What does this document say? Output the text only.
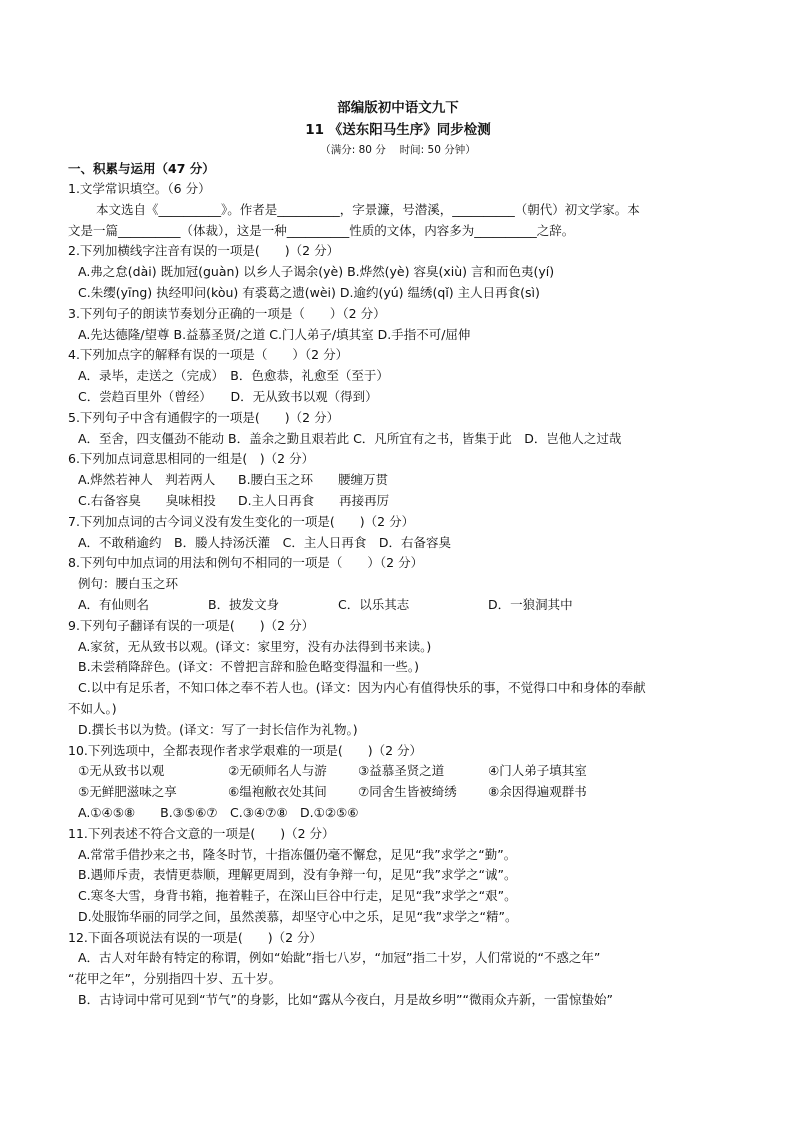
部编版初中语文九下
11 《送东阳马生序》同步检测
（满分: 80 分　 时间: 50 分钟）
一、积累与运用（47 分）
1.文学常识填空。（6 分）
本文选自《__________》。作者是__________，字景濂，号潜溪，__________（朝代）初文学家。本
文是一篇__________（体裁），这是一种__________性质的文体，内容多为__________之辞。
2.下列加横线字注音有误的一项是(　　)（2 分）
A.弗之怠(dài) 既加冠(guàn) 以乡人子谒余(yè) B.烨然(yè) 容臭(xiù) 言和而色夷(yí)
C.朱缨(yīng) 执经叩问(kòu) 有裘葛之遗(wèi) D.逾约(yú) 缊绣(qǐ) 主人日再食(sì)
3.下列句子的朗读节奏划分正确的一项是（　　）（2 分）
A.先达德隆/望尊 B.益慕圣贤/之道 C.门人弟子/填其室 D.手指不可/屈伸
4.下列加点字的解释有误的一项是（　　）（2 分）
A．录毕，走送之（完成）　B．色愈恭，礼愈至（至于）
C．尝趋百里外（曾经）　　D．无从致书以观（得到）
5.下列句子中含有通假字的一项是(　　)（2 分）
A．至舍，四支僵劲不能动 B．盖余之勤且艰若此 C．凡所宜有之书，皆集于此　D．岂他人之过哉
6.下列加点词意思相同的一组是(　)（2 分）
A.烨然若神人　判若两人	B.腰白玉之环　　腰缠万贯
C.右备容臭　　臭味相投	D.主人日再食　　再接再厉
7.下列加点词的古今词义没有发生变化的一项是(　　)（2 分）
A．不敢稍逾约　B．媵人持汤沃灌　C．主人日再食　D．右备容臭
8.下列句中加点词的用法和例句不相同的一项是（　　）（2 分）
例句：腰白玉之环
A．有仙则名	B．披发文身	C．以乐其志	D．一狼洞其中
9.下列句子翻译有误的一项是(　　)（2 分）
A.家贫，无从致书以观。(译文：家里穷，没有办法得到书来读。)
B.未尝稍降辞色。(译文：不曾把言辞和脸色略变得温和一些。)
C.以中有足乐者，不知口体之奉不若人也。(译文：因为内心有值得快乐的事，不觉得口中和身体的奉献
不如人。)
D.撰长书以为贽。(译文：写了一封长信作为礼物。)
10.下列选项中，全都表现作者求学艰难的一项是(　　)（2 分）
①无从致书以观	②无硕师名人与游	③益慕圣贤之道	④门人弟子填其室
⑤无鲜肥滋味之享	⑥缊袍敝衣处其间	⑦同舍生皆被绮绣	⑧余因得遍观群书
A.①④⑤⑧　　B.③⑤⑥⑦　C.③④⑦⑧　D.①②⑤⑥
11.下列表述不符合文意的一项是(　　)（2 分）
A.常常手借抄来之书，隆冬时节，十指冻僵仍毫不懈怠，足见“我”求学之“勤”。
B.遇师斥责，表情更恭顺，理解更周到，没有争辩一句，足见“我”求学之“诚”。
C.寒冬大雪，身背书箱，拖着鞋子，在深山巨谷中行走，足见“我”求学之“艰”。
D.处服饰华丽的同学之间，虽然羡慕，却坚守心中之乐，足见“我”求学之“精”。
12.下面各项说法有误的一项是(　　)（2 分）
A．古人对年龄有特定的称谓，例如“始龀”指七八岁，“加冠”指二十岁，人们常说的“不惑之年”
“花甲之年”，分别指四十岁、五十岁。
B．古诗词中常可见到“节气”的身影，比如“露从今夜白，月是故乡明”“微雨众卉新，一雷惊蛰始”
